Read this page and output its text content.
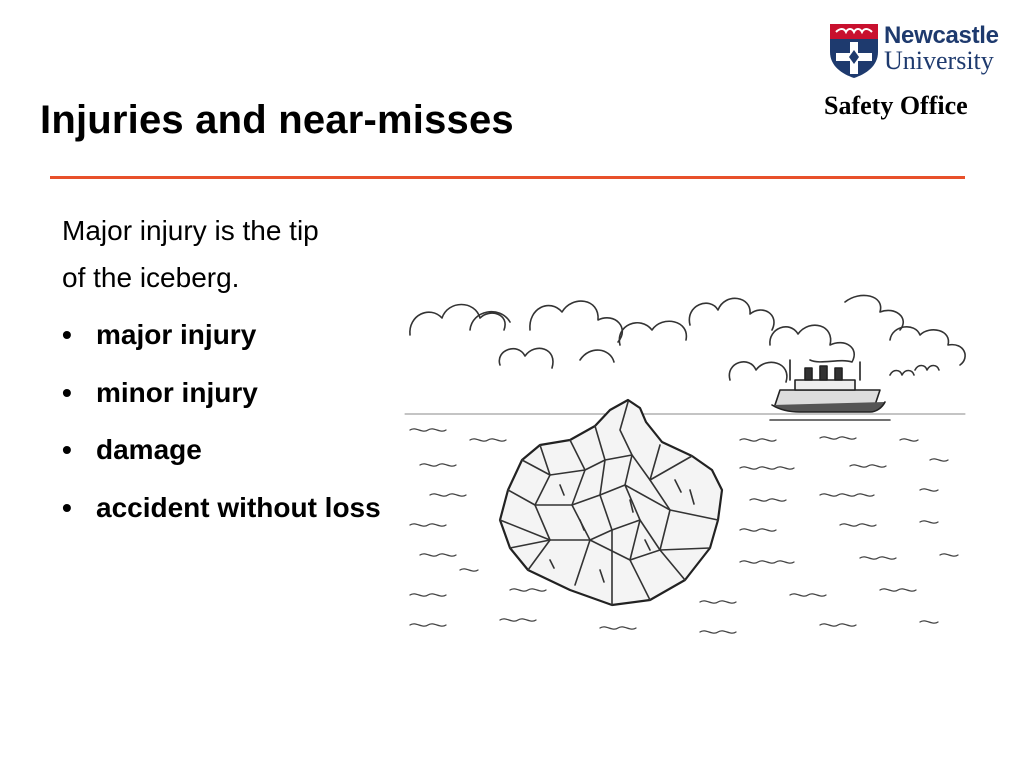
Newcastle
University
Safety Office
Injuries and near-misses
Major injury is the tip
of the iceberg.
• major injury
• minor injury
• damage
• accident without loss
